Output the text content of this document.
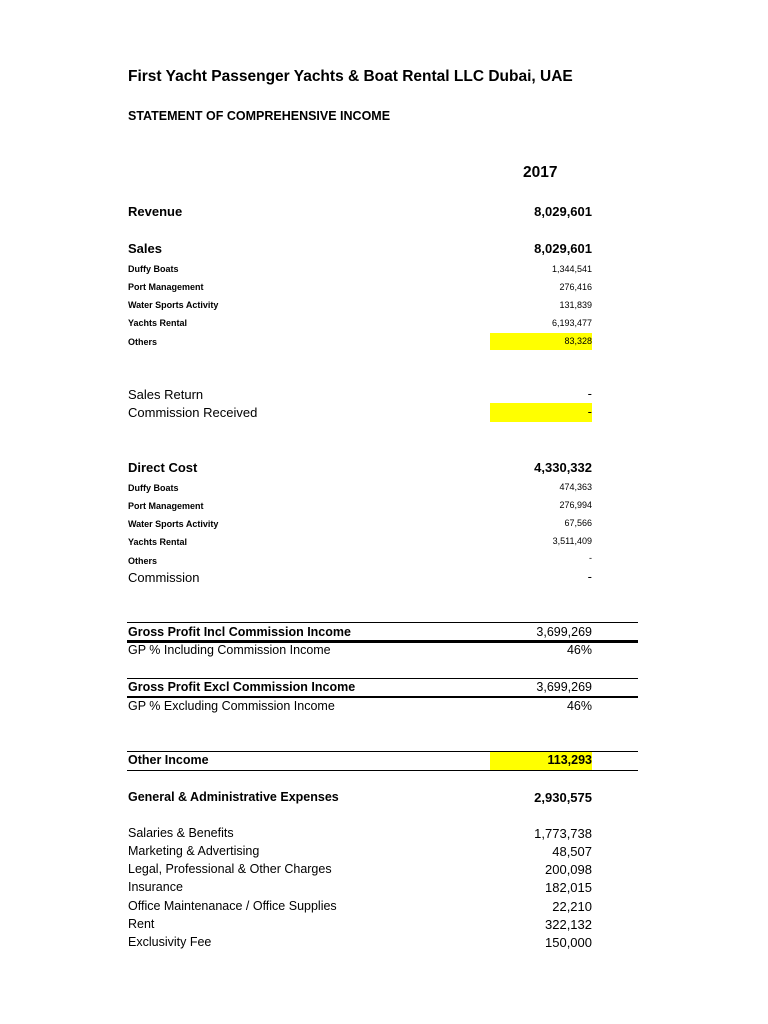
First Yacht Passenger Yachts & Boat Rental LLC Dubai, UAE
STATEMENT OF COMPREHENSIVE INCOME
2017
Revenue	8,029,601
Sales	8,029,601
Duffy Boats	1,344,541
Port Management	276,416
Water Sports Activity	131,839
Yachts Rental	6,193,477
Others	83,328
Sales Return	-
Commission Received	-
Direct Cost	4,330,332
Duffy Boats	474,363
Port Management	276,994
Water Sports Activity	67,566
Yachts Rental	3,511,409
Others	-
Commission	-
Gross Profit Incl Commission Income	3,699,269
GP % Including Commission Income	46%
Gross Profit Excl Commission Income	3,699,269
GP % Excluding Commission Income	46%
Other Income	113,293
General & Administrative Expenses	2,930,575
Salaries & Benefits	1,773,738
Marketing & Advertising	48,507
Legal, Professional & Other Charges	200,098
Insurance	182,015
Office Maintenanace / Office Supplies	22,210
Rent	322,132
Exclusivity Fee	150,000
